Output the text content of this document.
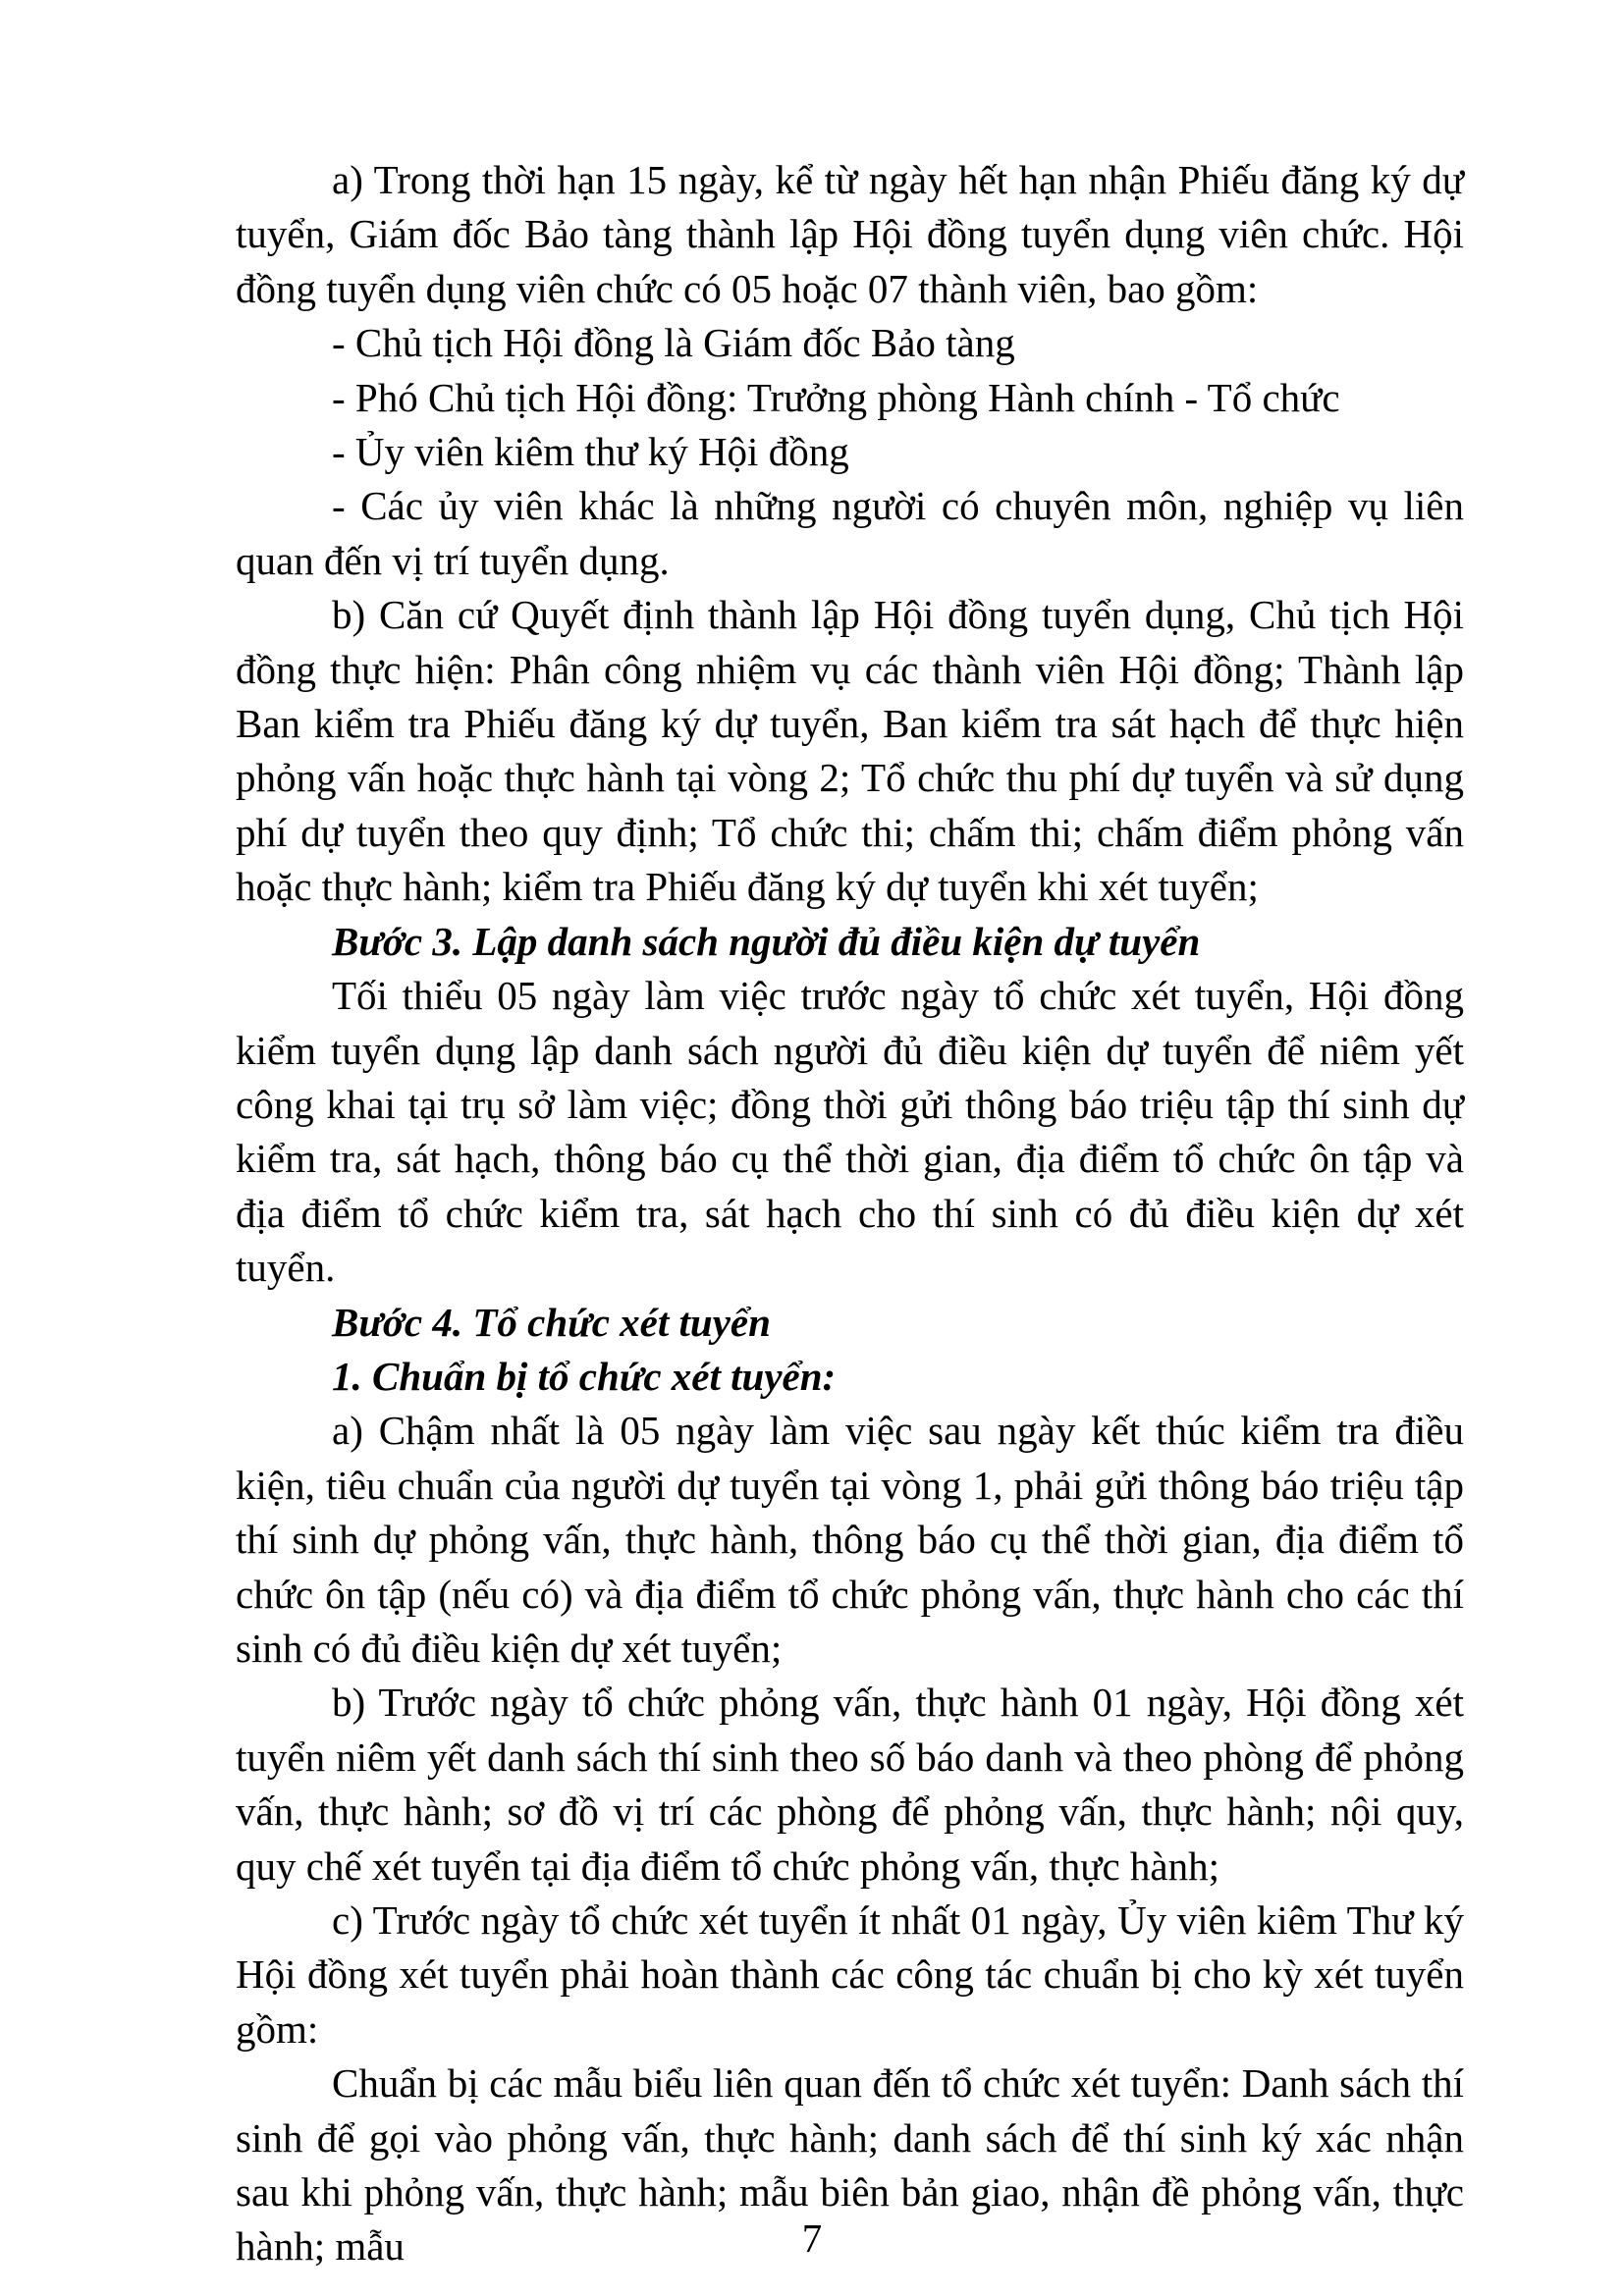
a) Trong thời hạn 15 ngày, kể từ ngày hết hạn nhận Phiếu đăng ký dự tuyển, Giám đốc Bảo tàng thành lập Hội đồng tuyển dụng viên chức. Hội đồng tuyển dụng viên chức có 05 hoặc 07 thành viên, bao gồm:

- Chủ tịch Hội đồng là Giám đốc Bảo tàng

- Phó Chủ tịch Hội đồng: Trưởng phòng Hành chính - Tổ chức

- Ủy viên kiêm thư ký Hội đồng

- Các ủy viên khác là những người có chuyên môn, nghiệp vụ liên quan đến vị trí tuyển dụng.

b) Căn cứ Quyết định thành lập Hội đồng tuyển dụng, Chủ tịch Hội đồng thực hiện: Phân công nhiệm vụ các thành viên Hội đồng; Thành lập Ban kiểm tra Phiếu đăng ký dự tuyển, Ban kiểm tra sát hạch để thực hiện phỏng vấn hoặc thực hành tại vòng 2; Tổ chức thu phí dự tuyển và sử dụng phí dự tuyển theo quy định; Tổ chức thi; chấm thi; chấm điểm phỏng vấn hoặc thực hành; kiểm tra Phiếu đăng ký dự tuyển khi xét tuyển;

Bước 3. Lập danh sách người đủ điều kiện dự tuyển

Tối thiểu 05 ngày làm việc trước ngày tổ chức xét tuyển, Hội đồng kiểm tuyển dụng lập danh sách người đủ điều kiện dự tuyển để niêm yết công khai tại trụ sở làm việc; đồng thời gửi thông báo triệu tập thí sinh dự kiểm tra, sát hạch, thông báo cụ thể thời gian, địa điểm tổ chức ôn tập và địa điểm tổ chức kiểm tra, sát hạch cho thí sinh có đủ điều kiện dự xét tuyển.

Bước 4. Tổ chức xét tuyển

1. Chuẩn bị tổ chức xét tuyển:

a) Chậm nhất là 05 ngày làm việc sau ngày kết thúc kiểm tra điều kiện, tiêu chuẩn của người dự tuyển tại vòng 1, phải gửi thông báo triệu tập thí sinh dự phỏng vấn, thực hành, thông báo cụ thể thời gian, địa điểm tổ chức ôn tập (nếu có) và địa điểm tổ chức phỏng vấn, thực hành cho các thí sinh có đủ điều kiện dự xét tuyển;

b) Trước ngày tổ chức phỏng vấn, thực hành 01 ngày, Hội đồng xét tuyển niêm yết danh sách thí sinh theo số báo danh và theo phòng để phỏng vấn, thực hành; sơ đồ vị trí các phòng để phỏng vấn, thực hành; nội quy, quy chế xét tuyển tại địa điểm tổ chức phỏng vấn, thực hành;

c) Trước ngày tổ chức xét tuyển ít nhất 01 ngày, Ủy viên kiêm Thư ký Hội đồng xét tuyển phải hoàn thành các công tác chuẩn bị cho kỳ xét tuyển gồm:

Chuẩn bị các mẫu biểu liên quan đến tổ chức xét tuyển: Danh sách thí sinh để gọi vào phỏng vấn, thực hành; danh sách để thí sinh ký xác nhận sau khi phỏng vấn, thực hành; mẫu biên bản giao, nhận đề phỏng vấn, thực hành; mẫu	7
